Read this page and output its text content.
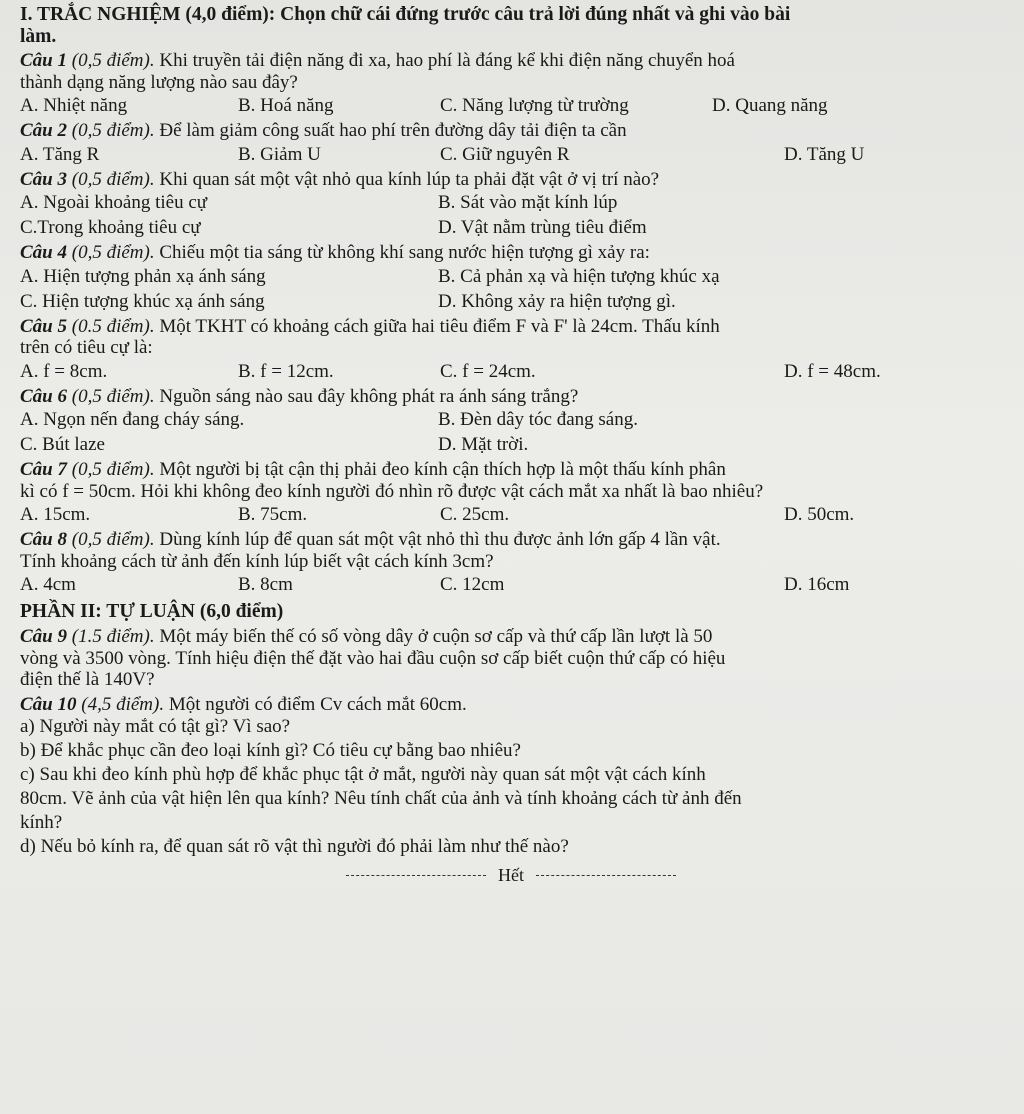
I. TRẮC NGHIỆM (4,0 điểm): Chọn chữ cái đứng trước câu trả lời đúng nhất và ghi vào bài
làm.
Câu 1 (0,5 điểm). Khi truyền tải điện năng đi xa, hao phí là đáng kể khi điện năng chuyển hoá
thành dạng năng lượng nào sau đây?
A. Nhiệt năng	B. Hoá năng	C. Năng lượng từ trường	D. Quang năng
Câu 2 (0,5 điểm). Để làm giảm công suất hao phí trên đường dây tải điện ta cần
A. Tăng R	B. Giảm U	C. Giữ nguyên R	D. Tăng U
Câu 3 (0,5 điểm). Khi quan sát một vật nhỏ qua kính lúp ta phải đặt vật ở vị trí nào?
A. Ngoài khoảng tiêu cự	B. Sát vào mặt kính lúp
C.Trong khoảng tiêu cự	D. Vật nằm trùng tiêu điểm
Câu 4 (0,5 điểm). Chiếu một tia sáng từ không khí sang nước hiện tượng gì xảy ra:
A. Hiện tượng phản xạ ánh sáng	B. Cả phản xạ và hiện tượng khúc xạ
C. Hiện tượng khúc xạ ánh sáng	D. Không xảy ra hiện tượng gì.
Câu 5 (0.5 điểm). Một TKHT có khoảng cách giữa hai tiêu điểm F và F' là 24cm. Thấu kính
trên có tiêu cự là:
A. f = 8cm.	B. f = 12cm.	C. f = 24cm.	D. f = 48cm.
Câu 6 (0,5 điểm). Nguồn sáng nào sau đây không phát ra ánh sáng trắng?
A. Ngọn nến đang cháy sáng.	B. Đèn dây tóc đang sáng.
C. Bút laze	D. Mặt trời.
Câu 7 (0,5 điểm). Một người bị tật cận thị phải đeo kính cận thích hợp là một thấu kính phân
kì có f = 50cm. Hỏi khi không đeo kính người đó nhìn rõ được vật cách mắt xa nhất là bao nhiêu?
A. 15cm.	B. 75cm.	C. 25cm.	D. 50cm.
Câu 8 (0,5 điểm). Dùng kính lúp để quan sát một vật nhỏ thì thu được ảnh lớn gấp 4 lần vật.
Tính khoảng cách từ ảnh đến kính lúp biết vật cách kính 3cm?
A. 4cm	B. 8cm	C. 12cm	D. 16cm
PHẦN II: TỰ LUẬN (6,0 điểm)
Câu 9 (1.5 điểm). Một máy biến thế có số vòng dây ở cuộn sơ cấp và thứ cấp lần lượt là 50
vòng và 3500 vòng. Tính hiệu điện thế đặt vào hai đầu cuộn sơ cấp biết cuộn thứ cấp có hiệu
điện thế là 140V?
Câu 10 (4,5 điểm). Một người có điểm Cv cách mắt 60cm.
a) Người này mắt có tật gì? Vì sao?
b) Để khắc phục cần đeo loại kính gì? Có tiêu cự bằng bao nhiêu?
c) Sau khi đeo kính phù hợp để khắc phục tật ở mắt, người này quan sát một vật cách kính
80cm. Vẽ ảnh của vật hiện lên qua kính? Nêu tính chất của ảnh và tính khoảng cách từ ảnh đến
kính?
d) Nếu bỏ kính ra, để quan sát rõ vật thì người đó phải làm như thế nào?
Hết
